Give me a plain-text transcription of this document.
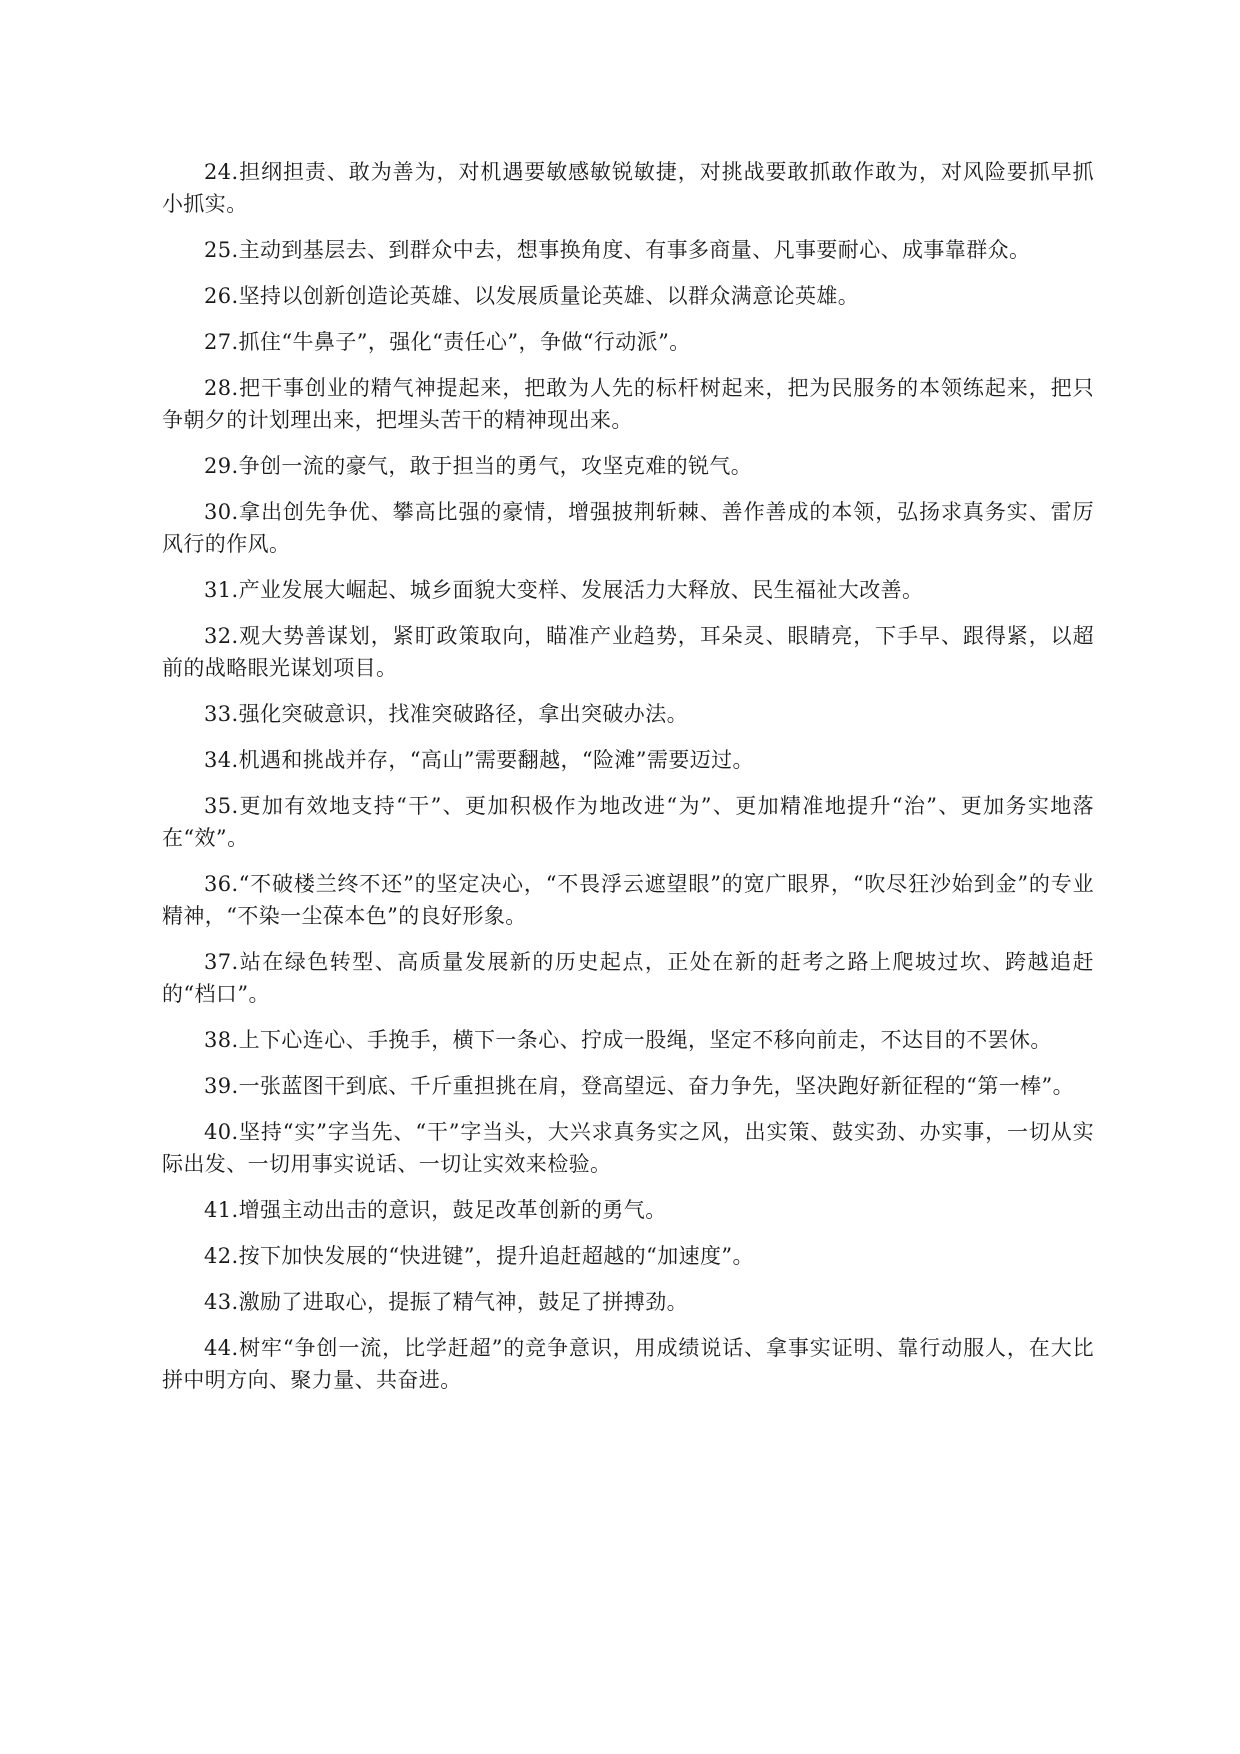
24.担纲担责、敢为善为，对机遇要敏感敏锐敏捷，对挑战要敢抓敢作敢为，对风险要抓早抓小抓实。

25.主动到基层去、到群众中去，想事换角度、有事多商量、凡事要耐心、成事靠群众。

26.坚持以创新创造论英雄、以发展质量论英雄、以群众满意论英雄。

27.抓住“牛鼻子”，强化“责任心”，争做“行动派”。

28.把干事创业的精气神提起来，把敢为人先的标杆树起来，把为民服务的本领练起来，把只争朝夕的计划理出来，把埋头苦干的精神现出来。

29.争创一流的豪气，敢于担当的勇气，攻坚克难的锐气。

30.拿出创先争优、攀高比强的豪情，增强披荆斩棘、善作善成的本领，弘扬求真务实、雷厉风行的作风。

31.产业发展大崛起、城乡面貌大变样、发展活力大释放、民生福祉大改善。

32.观大势善谋划，紧盯政策取向，瞄准产业趋势，耳朵灵、眼睛亮，下手早、跟得紧，以超前的战略眼光谋划项目。

33.强化突破意识，找准突破路径，拿出突破办法。

34.机遇和挑战并存，“高山”需要翻越，“险滩”需要迈过。

35.更加有效地支持“干”、更加积极作为地改进“为”、更加精准地提升“治”、更加务实地落在“效”。

36.“不破楼兰终不还”的坚定决心，“不畏浮云遮望眼”的宽广眼界，“吹尽狂沙始到金”的专业精神，“不染一尘葆本色”的良好形象。

37.站在绿色转型、高质量发展新的历史起点，正处在新的赶考之路上爬坡过坎、跨越追赶的“档口”。

38.上下心连心、手挽手，横下一条心、拧成一股绳，坚定不移向前走，不达目的不罢休。

39.一张蓝图干到底、千斤重担挑在肩，登高望远、奋力争先，坚决跑好新征程的“第一棒”。

40.坚持“实”字当先、“干”字当头，大兴求真务实之风，出实策、鼓实劲、办实事，一切从实际出发、一切用事实说话、一切让实效来检验。

41.增强主动出击的意识，鼓足改革创新的勇气。

42.按下加快发展的“快进键”，提升追赶超越的“加速度”。

43.激励了进取心，提振了精气神，鼓足了拼搏劲。

44.树牢“争创一流，比学赶超”的竞争意识，用成绩说话、拿事实证明、靠行动服人，在大比拼中明方向、聚力量、共奋进。
